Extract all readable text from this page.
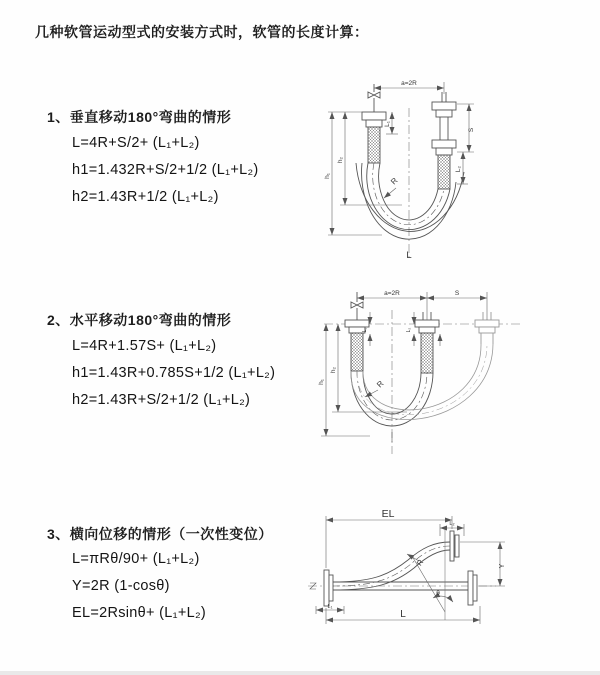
几种软管运动型式的安装方式时，软管的长度计算：
1、垂直移动180°弯曲的情形
L=4R+S/2+ (L₁+L₂)
h1=1.432R+S/2+1/2 (L₁+L₂)
h2=1.43R+1/2 (L₁+L₂)
a=2R
S
L₂
h₁
h₂
L₁
R
L
2、水平移动180°弯曲的情形
L=4R+1.57S+ (L₁+L₂)
h1=1.43R+0.785S+1/2 (L₁+L₂)
h2=1.43R+S/2+1/2 (L₁+L₂)
a=2R	S
h₁
h₂
L₁	L₂
R
3、横向位移的情形（一次性变位）
L=πRθ/90+ (L₁+L₂)
Y=2R (1-cosθ)
EL=2Rsinθ+ (L₁+L₂)
EL
L₂
Y
R
θ
L
L₁
